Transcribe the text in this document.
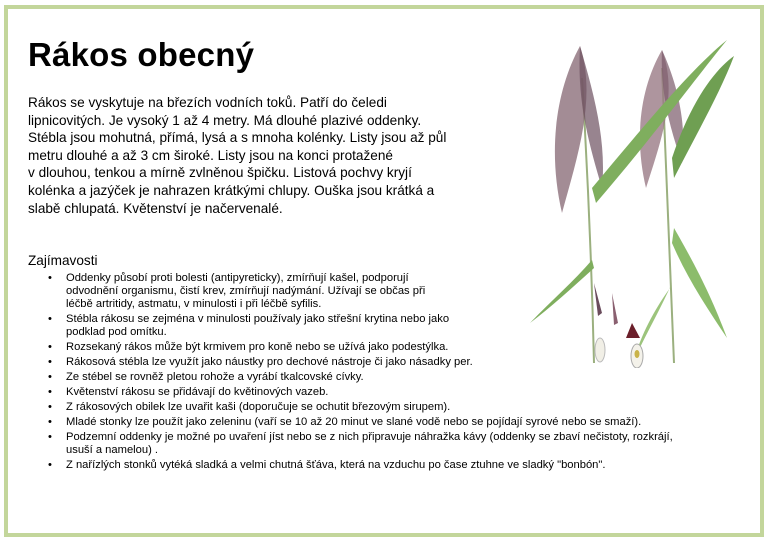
Rákos obecný

Rákos se vyskytuje na březích vodních toků. Patří do čeledi
lipnicovitých. Je vysoký 1 až 4 metry. Má dlouhé plazivé oddenky.
Stébla jsou mohutná, přímá, lysá a s mnoha kolénky. Listy jsou až půl
metru dlouhé a až 3 cm široké. Listy jsou na konci protažené
v dlouhou, tenkou a mírně zvlněnou špičku. Listová pochvy kryjí
kolénka a jazýček je nahrazen krátkými chlupy. Ouška jsou krátká a
slabě chlupatá. Květenství je načervenalé.

Zajímavosti

• Oddenky působí proti bolesti (antipyreticky), zmírňují kašel, podporují
odvodnění organismu, čistí krev, zmírňují nadýmání. Užívají se občas při
léčbě artritidy, astmatu, v minulosti i při léčbě syfilis.
• Stébla rákosu se zejména v minulosti používaly jako střešní krytina nebo jako
podklad pod omítku.
• Rozsekaný rákos může být krmivem pro koně nebo se užívá jako podestýlka.
• Rákosová stébla lze využít jako náustky pro dechové nástroje či jako násadky per.
• Ze stébel se rovněž pletou rohože a vyrábí tkalcovské cívky.
• Květenství rákosu se přidávají do květinových vazeb.
• Z rákosových obilek lze uvařit kaši (doporučuje se ochutit březovým sirupem).
• Mladé stonky lze použít jako zeleninu (vaří se 10 až 20 minut ve slané vodě nebo se pojídají syrové nebo se smaží).
• Podzemní oddenky je možné po uvaření jíst nebo se z nich připravuje náhražka kávy (oddenky se zbaví nečistoty, rozkrájí,
usuší a namelou) .
• Z nařízlých stonků vytéká sladká a velmi chutná šťáva, která na vzduchu po čase ztuhne ve sladký "bonbón".
